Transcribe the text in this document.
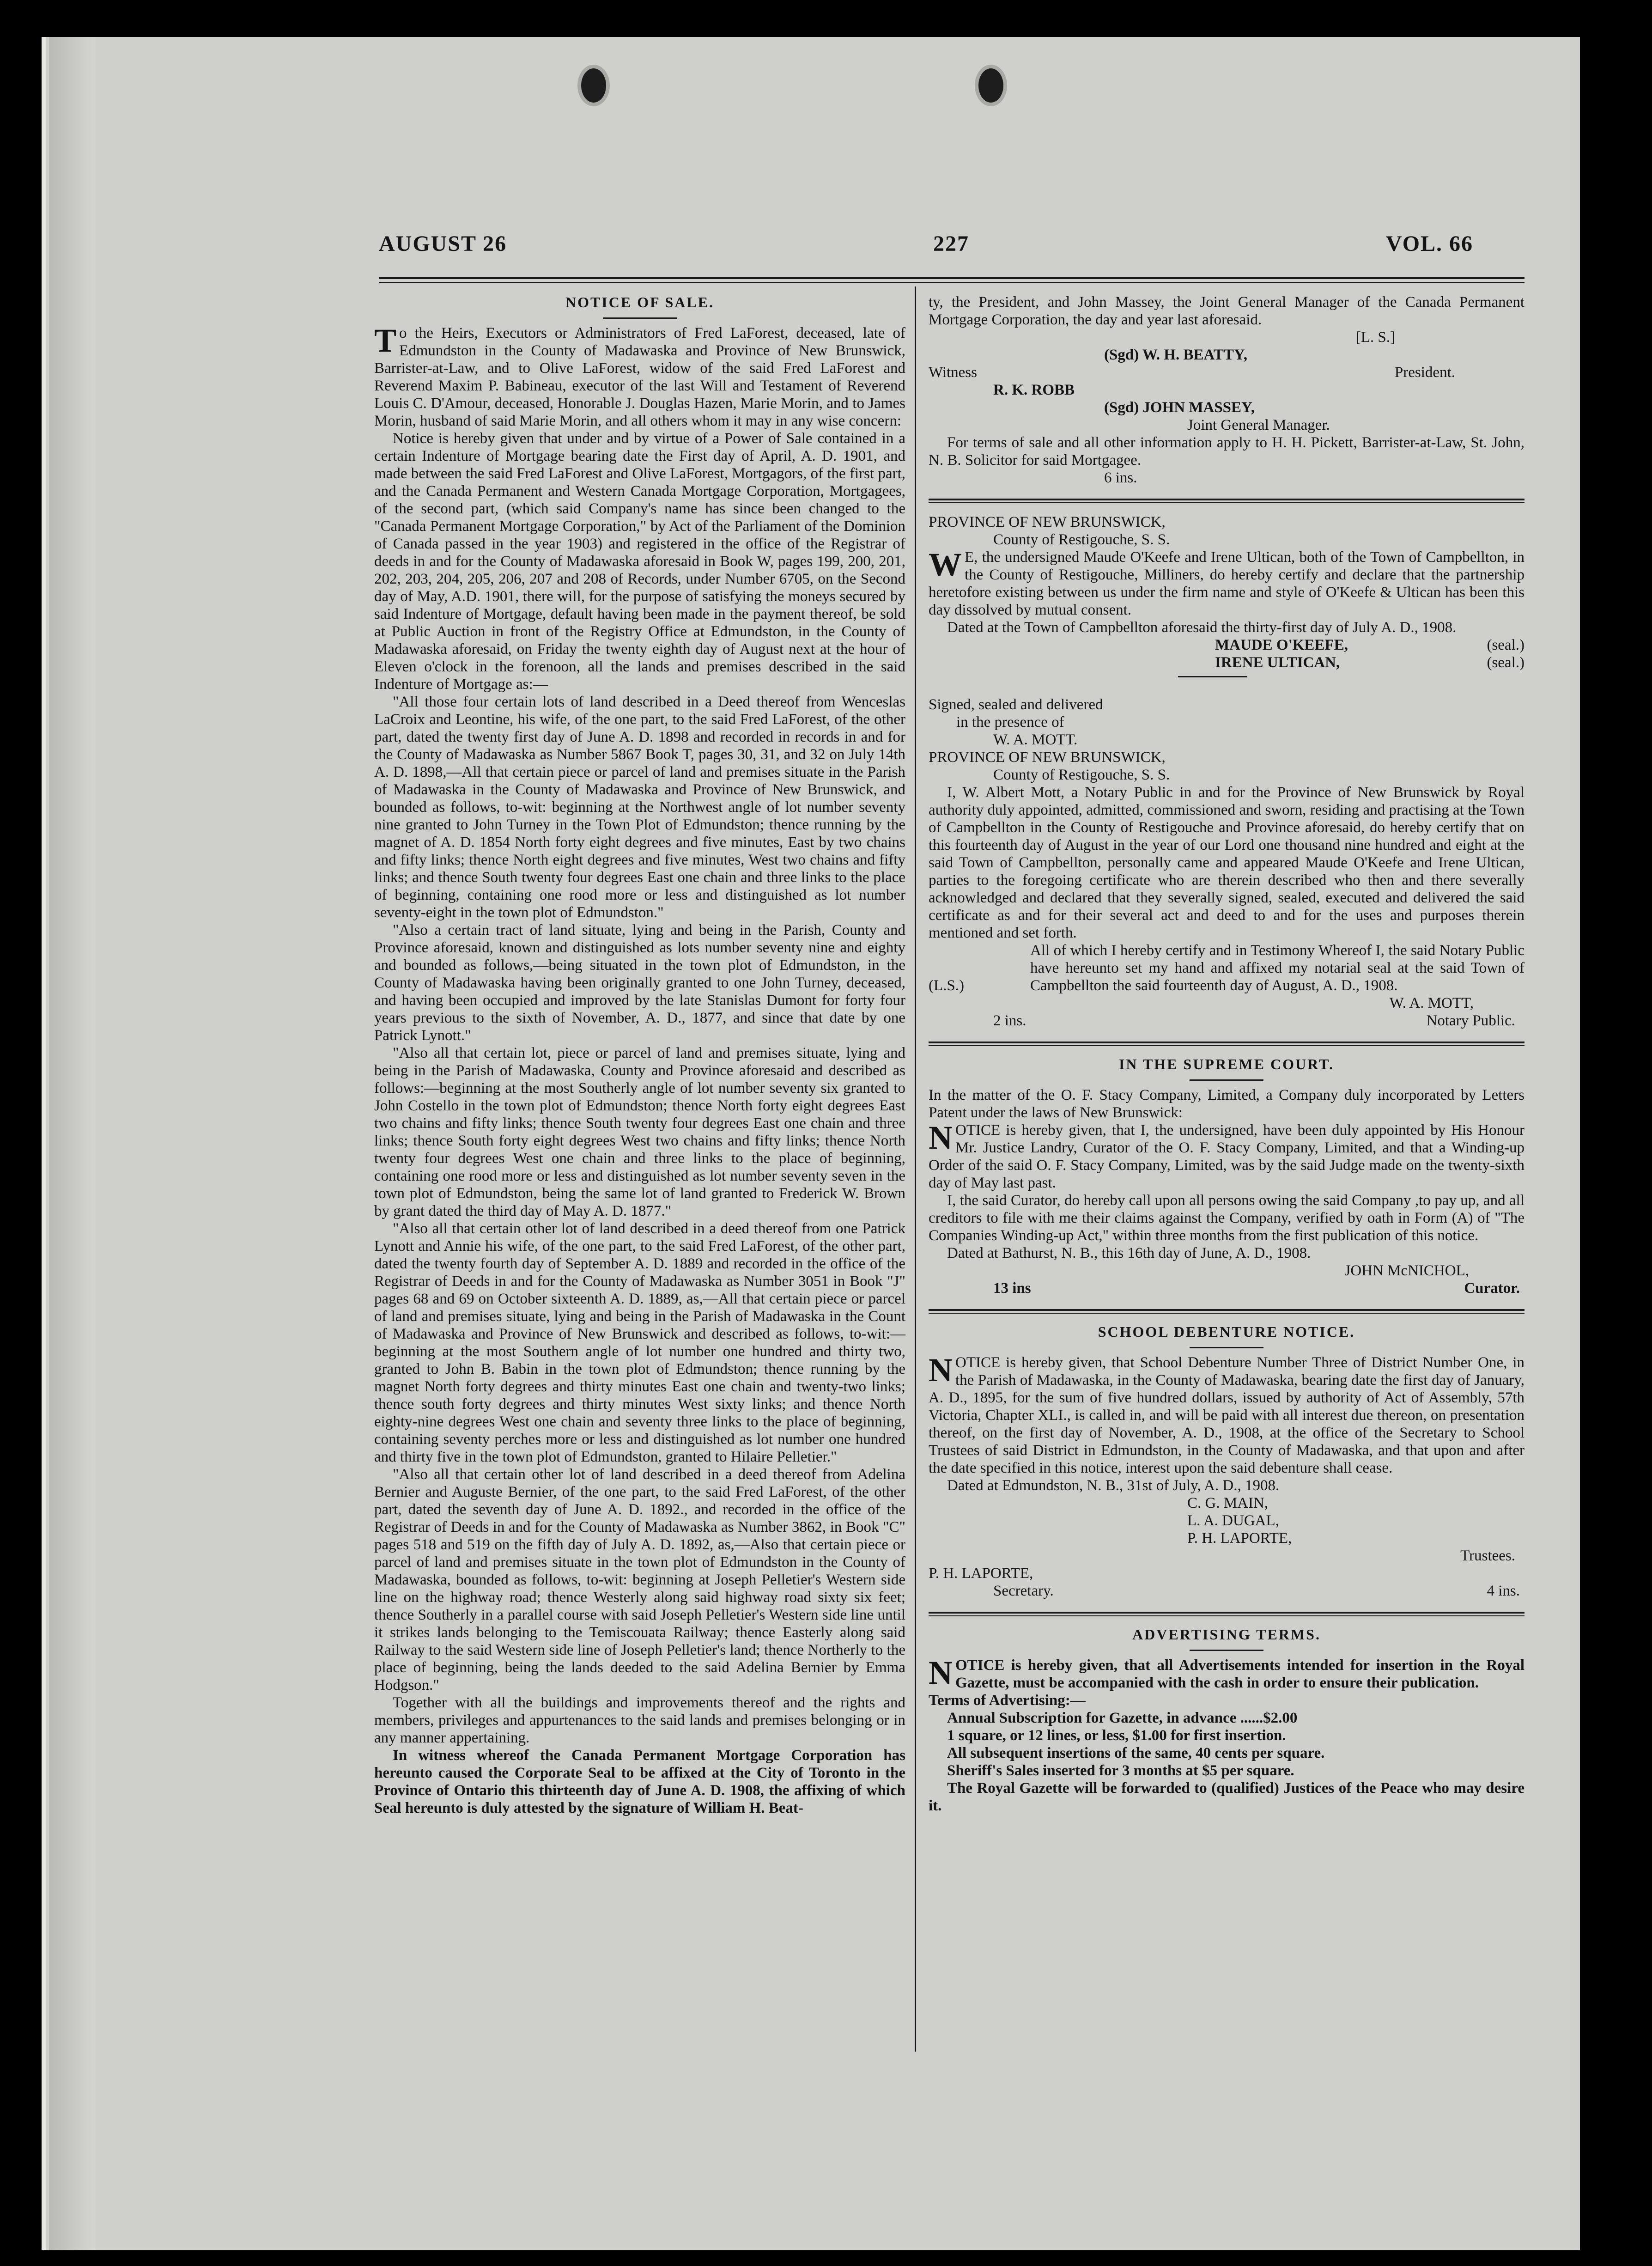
AUGUST 26	227	VOL. 66
NOTICE OF SALE.

To the Heirs, Executors or Administrators of Fred LaForest, deceased, late of Edmundston in the County of Madawaska and Province of New Brunswick, Barrister-at-Law, and to Olive LaForest, widow of the said Fred LaForest and Reverend Maxim P. Babineau, executor of the last Will and Testament of Reverend Louis C. D'Amour, deceased, Honorable J. Douglas Hazen, Marie Morin, and to James Morin, husband of said Marie Morin, and all others whom it may in any wise concern:

Notice is hereby given that under and by virtue of a Power of Sale contained in a certain Indenture of Mortgage bearing date the First day of April, A. D. 1901, and made between the said Fred LaForest and Olive LaForest, Mortgagors, of the first part, and the Canada Permanent and Western Canada Mortgage Corporation, Mortgagees, of the second part, (which said Company's name has since been changed to the "Canada Permanent Mortgage Corporation," by Act of the Parliament of the Dominion of Canada passed in the year 1903) and registered in the office of the Registrar of deeds in and for the County of Madawaska aforesaid in Book W, pages 199, 200, 201, 202, 203, 204, 205, 206, 207 and 208 of Records, under Number 6705, on the Second day of May, A.D. 1901, there will, for the purpose of satisfying the moneys secured by said Indenture of Mortgage, default having been made in the payment thereof, be sold at Public Auction in front of the Registry Office at Edmundston, in the County of Madawaska aforesaid, on Friday the twenty eighth day of August next at the hour of Eleven o'clock in the forenoon, all the lands and premises described in the said Indenture of Mortgage as:—

"All those four certain lots of land described in a Deed thereof from Wenceslas LaCroix and Leontine, his wife, of the one part, to the said Fred LaForest, of the other part, dated the twenty first day of June A. D. 1898 and recorded in records in and for the County of Madawaska as Number 5867 Book T, pages 30, 31, and 32 on July 14th A. D. 1898,—All that certain piece or parcel of land and premises situate in the Parish of Madawaska in the County of Madawaska and Province of New Brunswick, and bounded as follows, to-wit: beginning at the Northwest angle of lot number seventy nine granted to John Turney in the Town Plot of Edmundston; thence running by the magnet of A. D. 1854 North forty eight degrees and five minutes, East by two chains and fifty links; thence North eight degrees and five minutes, West two chains and fifty links; and thence South twenty four degrees East one chain and three links to the place of beginning, containing one rood more or less and distinguished as lot number seventy-eight in the town plot of Edmundston."

"Also a certain tract of land situate, lying and being in the Parish, County and Province aforesaid, known and distinguished as lots number seventy nine and eighty and bounded as follows,—being situated in the town plot of Edmundston, in the County of Madawaska having been originally granted to one John Turney, deceased, and having been occupied and improved by the late Stanislas Dumont for forty four years previous to the sixth of November, A. D., 1877, and since that date by one Patrick Lynott."

"Also all that certain lot, piece or parcel of land and premises situate, lying and being in the Parish of Madawaska, County and Province aforesaid and described as follows:—beginning at the most Southerly angle of lot number seventy six granted to John Costello in the town plot of Edmundston; thence North forty eight degrees East two chains and fifty links; thence South twenty four degrees East one chain and three links; thence South forty eight degrees West two chains and fifty links; thence North twenty four degrees West one chain and three links to the place of beginning, containing one rood more or less and distinguished as lot number seventy seven in the town plot of Edmundston, being the same lot of land granted to Frederick W. Brown by grant dated the third day of May A. D. 1877."

"Also all that certain other lot of land described in a deed thereof from one Patrick Lynott and Annie his wife, of the one part, to the said Fred LaForest, of the other part, dated the twenty fourth day of September A. D. 1889 and recorded in the office of the Registrar of Deeds in and for the County of Madawaska as Number 3051 in Book "J" pages 68 and 69 on October sixteenth A. D. 1889, as,—All that certain piece or parcel of land and premises situate, lying and being in the Parish of Madawaska in the Count of Madawaska and Province of New Brunswick and described as follows, to-wit:—beginning at the most Southern angle of lot number one hundred and thirty two, granted to John B. Babin in the town plot of Edmundston; thence running by the magnet North forty degrees and thirty minutes East one chain and twenty-two links; thence south forty degrees and thirty minutes West sixty links; and thence North eighty-nine degrees West one chain and seventy three links to the place of beginning, containing seventy perches more or less and distinguished as lot number one hundred and thirty five in the town plot of Edmundston, granted to Hilaire Pelletier."

"Also all that certain other lot of land described in a deed thereof from Adelina Bernier and Auguste Bernier, of the one part, to the said Fred LaForest, of the other part, dated the seventh day of June A. D. 1892., and recorded in the office of the Registrar of Deeds in and for the County of Madawaska as Number 3862, in Book "C" pages 518 and 519 on the fifth day of July A. D. 1892, as,—Also that certain piece or parcel of land and premises situate in the town plot of Edmundston in the County of Madawaska, bounded as follows, to-wit: beginning at Joseph Pelletier's Western side line on the highway road; thence Westerly along said highway road sixty six feet; thence Southerly in a parallel course with said Joseph Pelletier's Western side line until it strikes lands belonging to the Temiscouata Railway; thence Easterly along said Railway to the said Western side line of Joseph Pelletier's land; thence Northerly to the place of beginning, being the lands deeded to the said Adelina Bernier by Emma Hodgson."

Together with all the buildings and improvements thereof and the rights and members, privileges and appurtenances to the said lands and premises belonging or in any manner appertaining.

In witness whereof the Canada Permanent Mortgage Corporation has hereunto caused the Corporate Seal to be affixed at the City of Toronto in the Province of Ontario this thirteenth day of June A. D. 1908, the affixing of which Seal hereunto is duly attested by the signature of William H. Beat-

ty, the President, and John Massey, the Joint General Manager of the Canada Permanent Mortgage Corporation, the day and year last aforesaid.

[L. S.]
(Sgd) W. H. BEATTY,
Witness	President.
R. K. ROBB
(Sgd) JOHN MASSEY,
Joint General Manager.

For terms of sale and all other information apply to H. H. Pickett, Barrister-at-Law, St. John, N. B. Solicitor for said Mortgagee.

6 ins.
PROVINCE OF NEW BRUNSWICK,
County of Restigouche, S. S.

W E, the undersigned Maude O'Keefe and Irene Ultican, both of the Town of Campbellton, in the County of Restigouche, Milliners, do hereby certify and declare that the partnership heretofore existing between us under the firm name and style of O'Keefe & Ultican has been this day dissolved by mutual consent.

Dated at the Town of Campbellton aforesaid the thirty-first day of July A. D., 1908.

MAUDE O'KEEFE,	(seal.)
IRENE ULTICAN,	(seal.)
Signed, sealed and delivered
in the presence of
W. A. MOTT.
PROVINCE OF NEW BRUNSWICK,
County of Restigouche, S. S.

I, W. Albert Mott, a Notary Public in and for the Province of New Brunswick by Royal authority duly appointed, admitted, commissioned and sworn, residing and practising at the Town of Campbellton in the County of Restigouche and Province aforesaid, do hereby certify that on this fourteenth day of August in the year of our Lord one thousand nine hundred and eight at the said Town of Campbellton, personally came and appeared Maude O'Keefe and Irene Ultican, parties to the foregoing certificate who are therein described who then and there severally acknowledged and declared that they severally signed, sealed, executed and delivered the said certificate as and for their several act and deed to and for the uses and purposes therein mentioned and set forth.

(L.S.)
All of which I hereby certify and in Testimony Whereof I, the said Notary Public have hereunto set my hand and affixed my notarial seal at the said Town of Campbellton the said fourteenth day of August, A. D., 1908.
W. A. MOTT,
2 ins.	Notary Public.
IN THE SUPREME COURT.

In the matter of the O. F. Stacy Company, Limited, a Company duly incorporated by Letters Patent under the laws of New Brunswick:

NOTICE is hereby given, that I, the undersigned, have been duly appointed by His Honour Mr. Justice Landry, Curator of the O. F. Stacy Company, Limited, and that a Winding-up Order of the said O. F. Stacy Company, Limited, was by the said Judge made on the twenty-sixth day of May last past.

I, the said Curator, do hereby call upon all persons owing the said Company ,to pay up, and all creditors to file with me their claims against the Company, verified by oath in Form (A) of "The Companies Winding-up Act," within three months from the first publication of this notice.

Dated at Bathurst, N. B., this 16th day of June, A. D., 1908.

JOHN McNICHOL,
13 ins	Curator.
SCHOOL DEBENTURE NOTICE.

NOTICE is hereby given, that School Debenture Number Three of District Number One, in the Parish of Madawaska, in the County of Madawaska, bearing date the first day of January, A. D., 1895, for the sum of five hundred dollars, issued by authority of Act of Assembly, 57th Victoria, Chapter XLI., is called in, and will be paid with all interest due thereon, on presentation thereof, on the first day of November, A. D., 1908, at the office of the Secretary to School Trustees of said District in Edmundston, in the County of Madawaska, and that upon and after the date specified in this notice, interest upon the said debenture shall cease.

Dated at Edmundston, N. B., 31st of July, A. D., 1908.

C. G. MAIN,
L. A. DUGAL,
P. H. LAPORTE,
Trustees.
P. H. LAPORTE,
Secretary.	4 ins.
ADVERTISING TERMS.

NOTICE is hereby given, that all Advertisements intended for insertion in the Royal Gazette, must be accompanied with the cash in order to ensure their publication.

Terms of Advertising:—
Annual Subscription for Gazette, in advance ......$2.00
1 square, or 12 lines, or less, $1.00 for first insertion.
All subsequent insertions of the same, 40 cents per square.
Sheriff's Sales inserted for 3 months at $5 per square.

The Royal Gazette will be forwarded to (qualified) Justices of the Peace who may desire it.
